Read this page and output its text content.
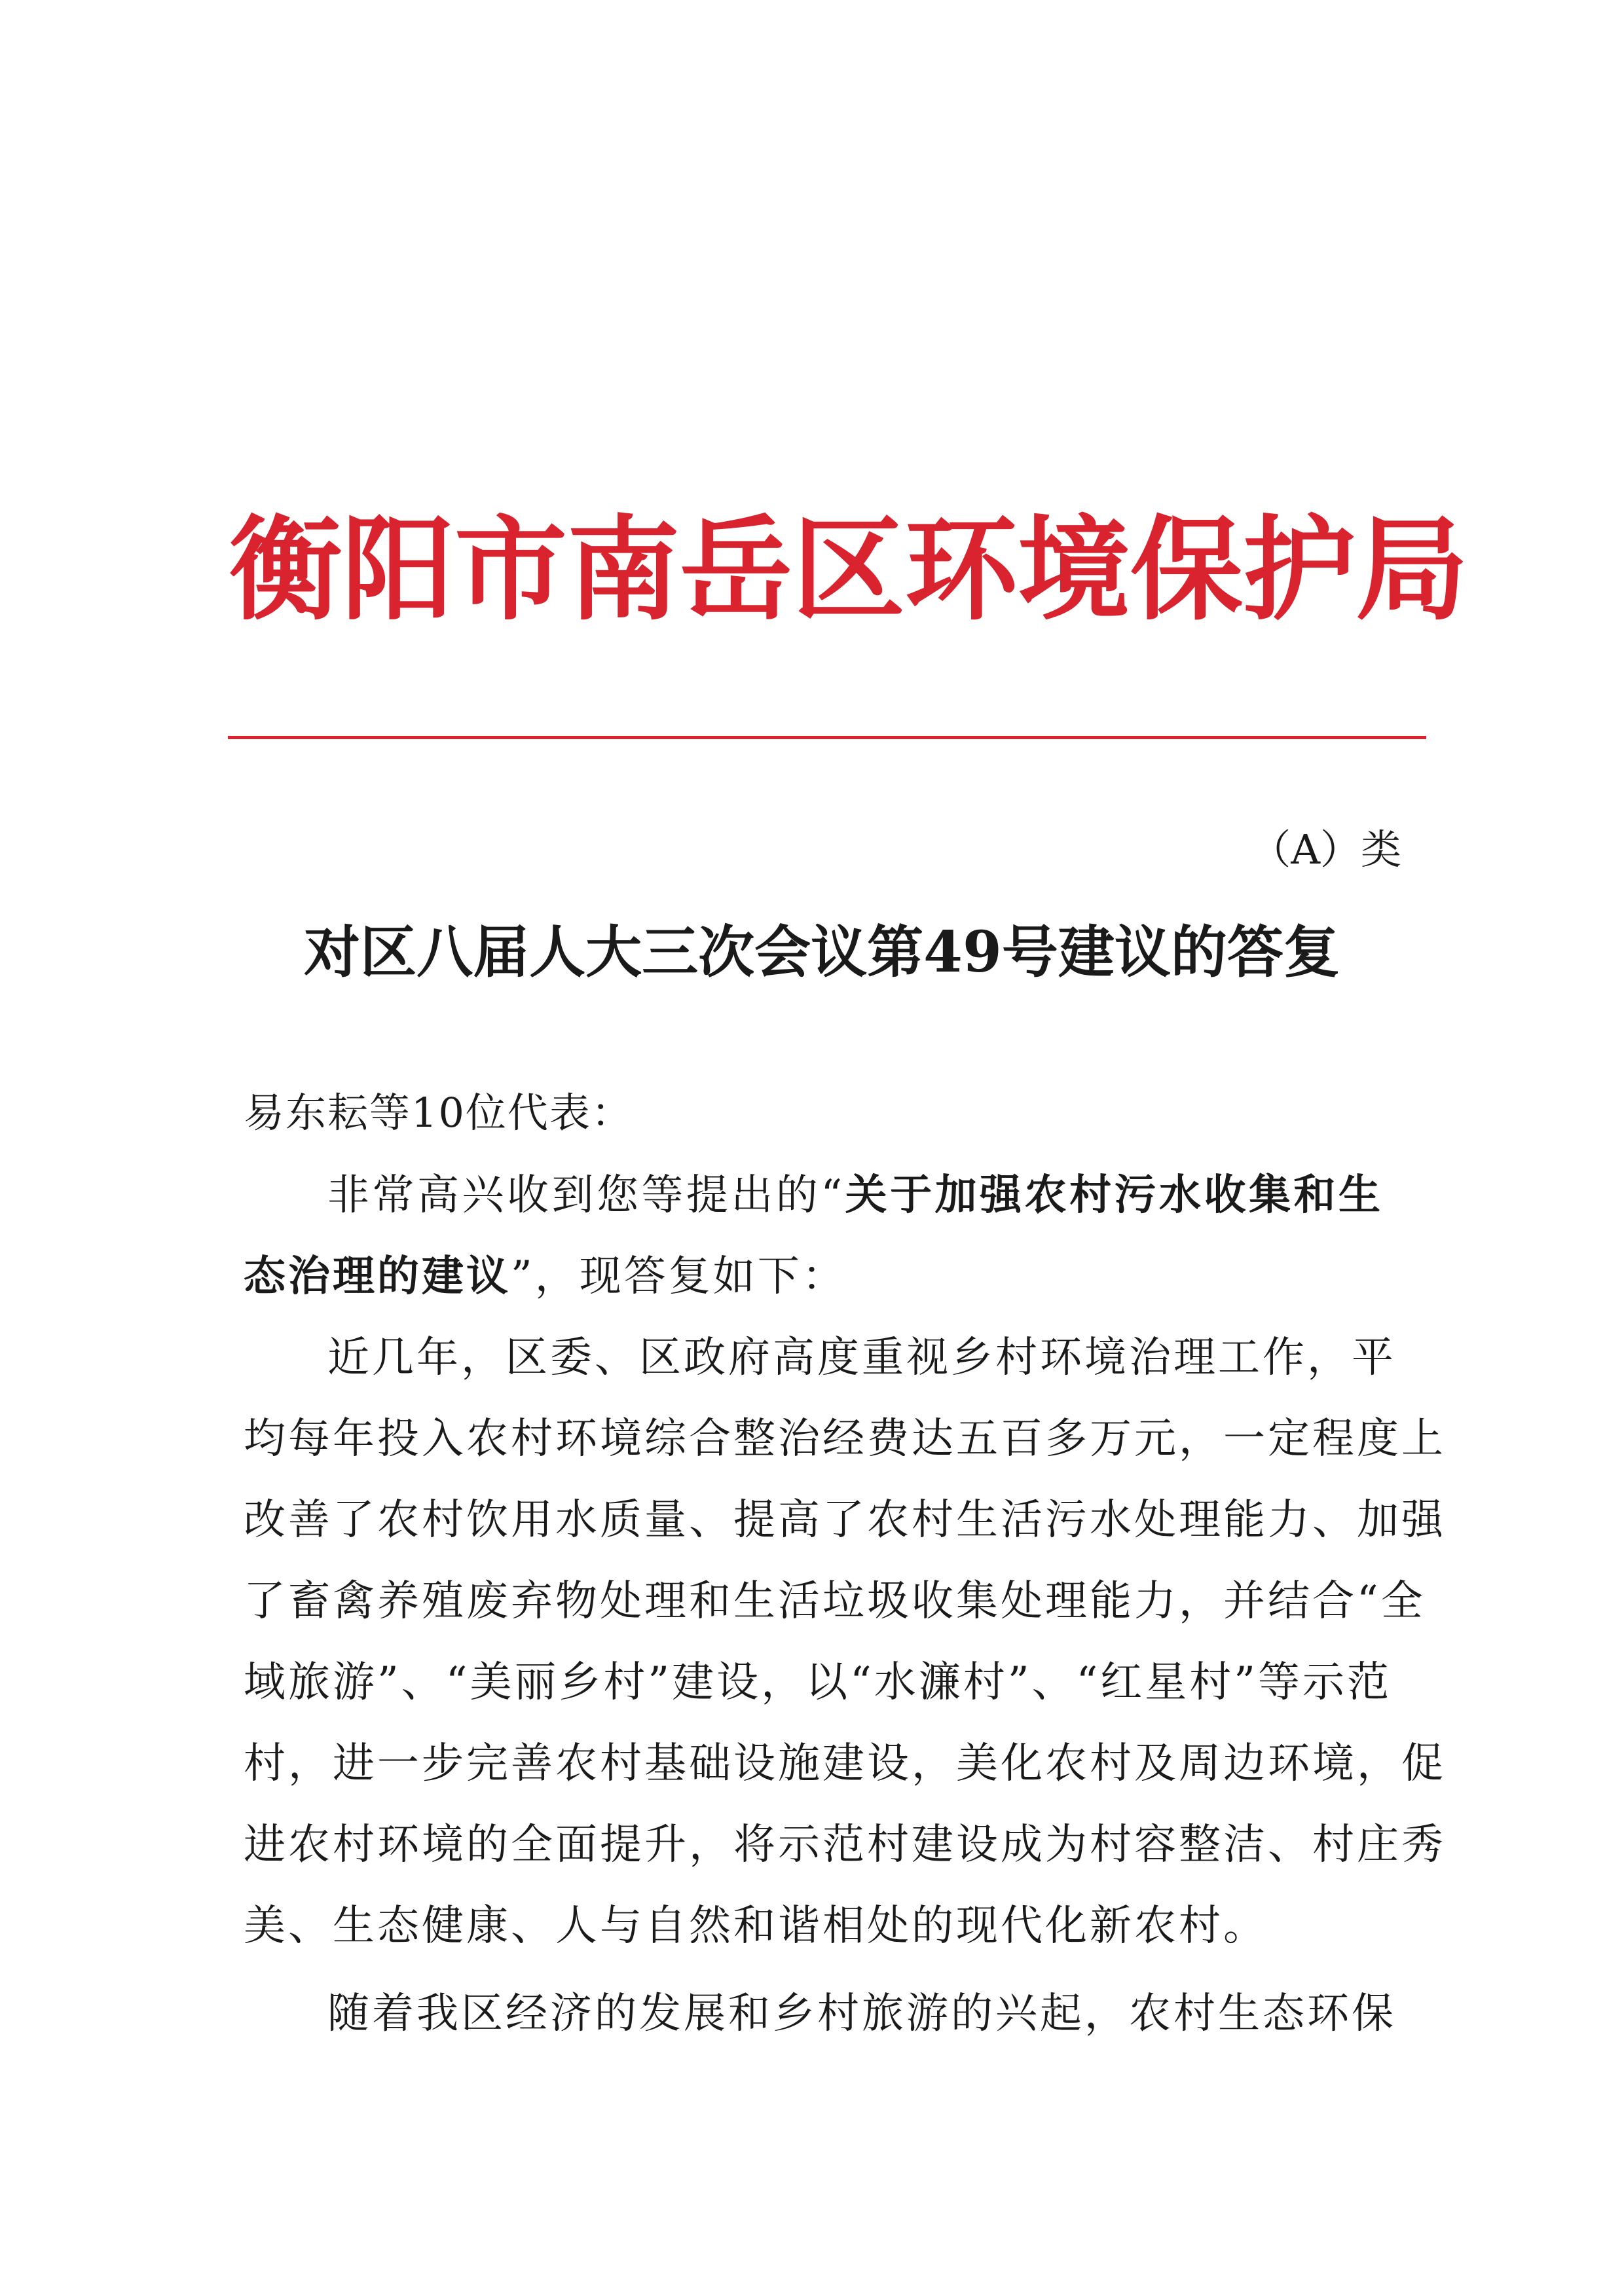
衡阳市南岳区环境保护局
（A）类
对区八届人大三次会议第49号建议的答复
易东耘等10位代表：
非常高兴收到您等提出的“关于加强农村污水收集和生
态治理的建议”，现答复如下：
近几年，区委、区政府高度重视乡村环境治理工作，平
均每年投入农村环境综合整治经费达五百多万元，一定程度上
改善了农村饮用水质量、提高了农村生活污水处理能力、加强
了畜禽养殖废弃物处理和生活垃圾收集处理能力，并结合“全
域旅游”、“美丽乡村”建设，以“水濂村”、“红星村”等示范
村，进一步完善农村基础设施建设，美化农村及周边环境，促
进农村环境的全面提升，将示范村建设成为村容整洁、村庄秀
美、生态健康、人与自然和谐相处的现代化新农村。
随着我区经济的发展和乡村旅游的兴起，农村生态环保
